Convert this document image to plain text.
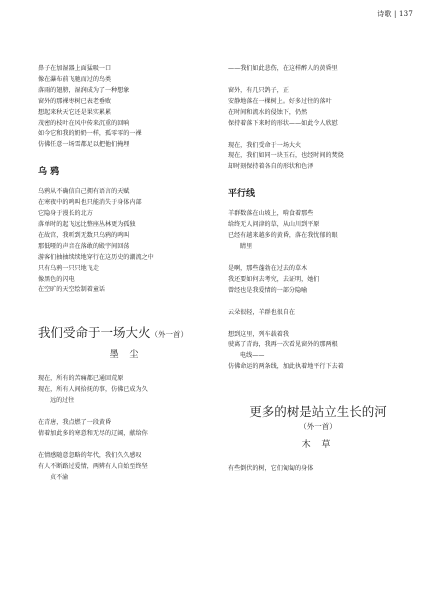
诗歌 | 137

鼻子在加湿器上面猛吸一口

像在瀑布前飞驰而过的鸟类

落雨的翅膀，湿润成为了一种想象

窗外的那裸枣树已表老垂败

想起来秋天它还是果实累累

茂密的枝叶在风中传来沉重的回响

如今它和我的奶奶一样，孤零零的一裸

仿佛任意一场雪都足以把他们掩埋

乌 鸦

乌鸦从不确信自己拥有语言的天赋

在寒夜中的鸣叫也只能消失于身体内部

它隐身于漫长的北方

落单时的起飞远比整座丛林更为孤独

在故宫，我听到无数只乌鸦的鸣叫

那低哑的声音在落敢的殿宇间回荡

游客们抽抽续续地穿行在这历史的潮流之中

只有乌鸦一只只地飞走

像黑色的闪电

在空旷的天空绘制着童话

我们受命于一场大火（外一首）

墨 尘

现在，所有的苦痛都已通回荒原

现在，所有人间拾抚的事，仿佛已成为久

远的过往

在青唐，我点燃了一段黄昏

倩着加此多的寒意和无尽的辽阔，献给你

在情感随意忽略的年代，我们久久感叹

有人不断路过爱情，两辨有人自始至终坚

贞不渝

——我们如此悲伤，在这样醉人的黄昏里

窗外，有几只鸽子，正

安静地落在一棵树上。好多过往的落叶

在时间和流水的侵蚀下，仍然

保持着落下来时的形状——如此令人欣慰

现在，我们受命于一场大火

现在，我们如同一块玉石，也经时间的焚烧

却时刻保持着各自的形状和色泽

平行线

羊群数落在山坡上，啃食着那些

给终无人问津的草，从山川到平原

已经有越来越多的黄昏，落在我忧郁的眼

睛里

是啊，那些蓬勃在过去的草木

我还要如何去考究，去证明，她们

曾经也是我爱情的一部分隐喻

云朵很轻，羊群也很自在

想到这里，列车载着我

驶离了青海，我再一次看见窗外的那两根

电线——

仿佛命运的两条线，加此执着地平行下去着

更多的树是站立生长的河

（外一首）

木 草

有些倒伏的树，它们匍匐的身体
